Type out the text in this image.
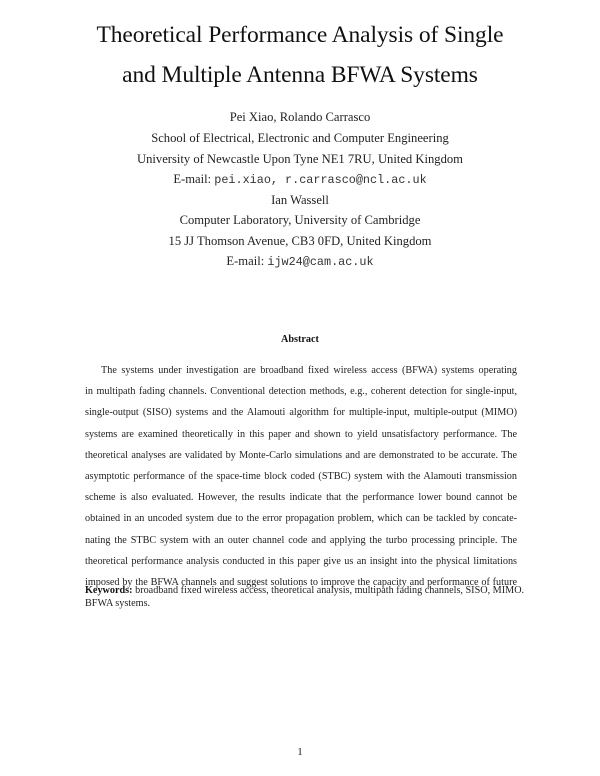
Theoretical Performance Analysis of Single
and Multiple Antenna BFWA Systems
Pei Xiao, Rolando Carrasco
School of Electrical, Electronic and Computer Engineering
University of Newcastle Upon Tyne NE1 7RU, United Kingdom
E-mail: pei.xiao, r.carrasco@ncl.ac.uk
Ian Wassell
Computer Laboratory, University of Cambridge
15 JJ Thomson Avenue, CB3 0FD, United Kingdom
E-mail: ijw24@cam.ac.uk
Abstract
The systems under investigation are broadband fixed wireless access (BFWA) systems operating
in multipath fading channels. Conventional detection methods, e.g., coherent detection for single-input,
single-output (SISO) systems and the Alamouti algorithm for multiple-input, multiple-output (MIMO)
systems are examined theoretically in this paper and shown to yield unsatisfactory performance. The
theoretical analyses are validated by Monte-Carlo simulations and are demonstrated to be accurate. The
asymptotic performance of the space-time block coded (STBC) system with the Alamouti transmission
scheme is also evaluated. However, the results indicate that the performance lower bound cannot be
obtained in an uncoded system due to the error propagation problem, which can be tackled by concate-
nating the STBC system with an outer channel code and applying the turbo processing principle. The
theoretical performance analysis conducted in this paper give us an insight into the physical limitations
imposed by the BFWA channels and suggest solutions to improve the capacity and performance of future
BFWA systems.
Keywords: broadband fixed wireless access, theoretical analysis, multipath fading channels, SISO, MIMO.
1
